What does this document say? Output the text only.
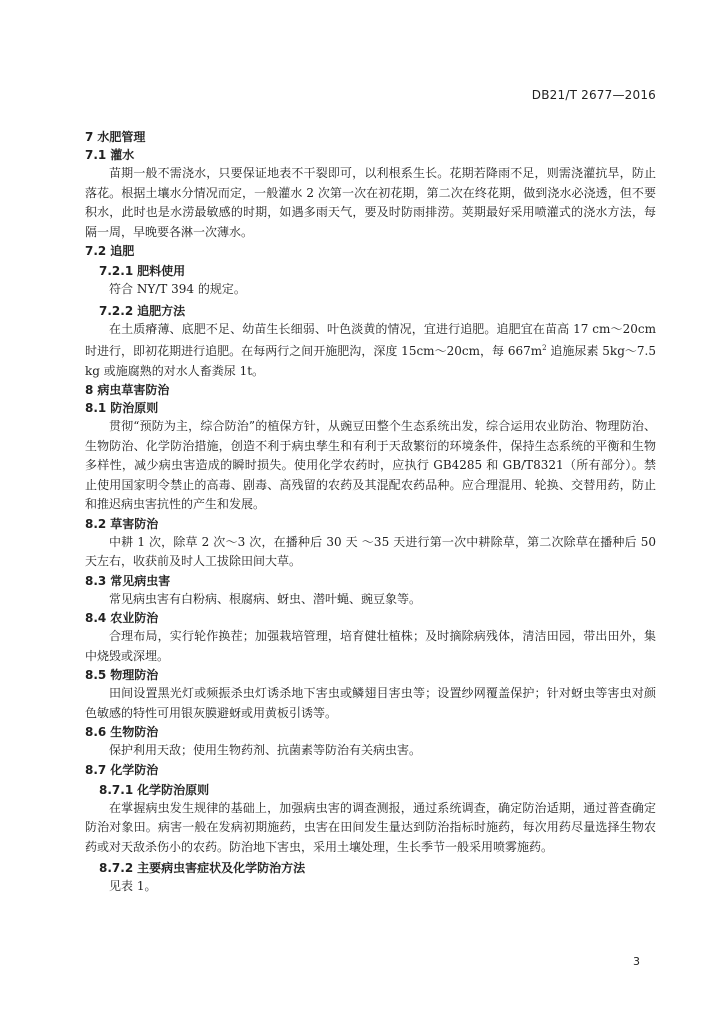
DB21/T 2677—2016
7 水肥管理
7.1 灌水

苗期一般不需浇水，只要保证地表不干裂即可，以利根系生长。花期若降雨不足，则需浇灌抗旱，防止落花。根据土壤水分情况而定，一般灌水 2 次第一次在初花期，第二次在终花期，做到浇水必浇透，但不要积水，此时也是水涝最敏感的时期，如遇多雨天气，要及时防雨排涝。荚期最好采用喷灌式的浇水方法，每隔一周，早晚要各淋一次薄水。

7.2 追肥
7.2.1 肥料使用

符合 NY/T 394 的规定。

7.2.2 追肥方法

在土质瘠薄、底肥不足、幼苗生长细弱、叶色淡黄的情况，宜进行追肥。追肥宜在苗高 17 cm～20cm 时进行，即初花期进行追肥。在每两行之间开施肥沟，深度 15cm～20cm，每 $667m^2$ 追施尿素 5kg～7.5kg 或施腐熟的对水人畜粪尿 1t。

8 病虫草害防治
8.1 防治原则

贯彻“预防为主，综合防治”的植保方针，从豌豆田整个生态系统出发，综合运用农业防治、物理防治、生物防治、化学防治措施，创造不利于病虫孳生和有利于天敌繁衍的环境条件，保持生态系统的平衡和生物多样性，减少病虫害造成的瞬时损失。使用化学农药时，应执行 GB4285 和 GB/T8321（所有部分）。禁止使用国家明令禁止的高毒、剧毒、高残留的农药及其混配农药品种。应合理混用、轮换、交替用药，防止和推迟病虫害抗性的产生和发展。

8.2 草害防治

中耕 1 次，除草 2 次～3 次，在播种后 30 天 ～35 天进行第一次中耕除草，第二次除草在播种后 50 天左右，收获前及时人工拔除田间大草。

8.3 常见病虫害

常见病虫害有白粉病、根腐病、蚜虫、潜叶蝇、豌豆象等。

8.4 农业防治

合理布局，实行轮作换茬；加强栽培管理，培育健壮植株；及时摘除病残体，清洁田园，带出田外，集中烧毁或深埋。

8.5 物理防治

田间设置黑光灯或频振杀虫灯诱杀地下害虫或鳞翅目害虫等；设置纱网覆盖保护；针对蚜虫等害虫对颜色敏感的特性可用银灰膜避蚜或用黄板引诱等。

8.6 生物防治

保护利用天敌；使用生物药剂、抗菌素等防治有关病虫害。

8.7 化学防治
8.7.1 化学防治原则

在掌握病虫发生规律的基础上，加强病虫害的调查测报，通过系统调查，确定防治适期，通过普查确定防治对象田。病害一般在发病初期施药，虫害在田间发生量达到防治指标时施药，每次用药尽量选择生物农药或对天敌杀伤小的农药。防治地下害虫，采用土壤处理，生长季节一般采用喷雾施药。

8.7.2 主要病虫害症状及化学防治方法

见表 1。

3
